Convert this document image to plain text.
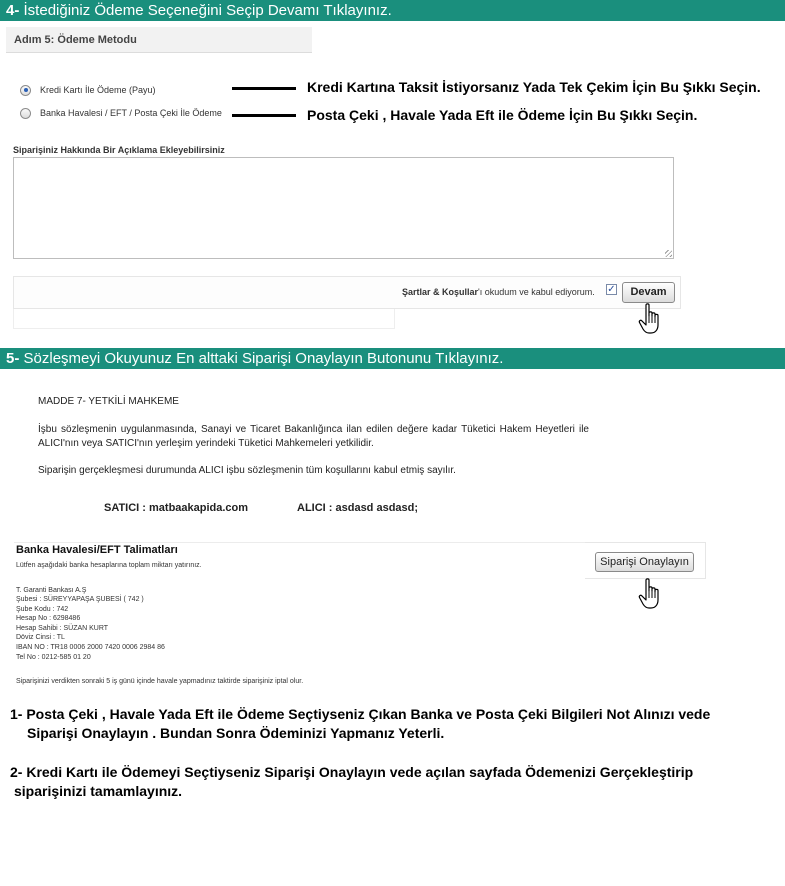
4- İstediğiniz Ödeme Seçeneğini Seçip Devamı Tıklayınız.
Adım 5: Ödeme Metodu
Kredi Kartı İle Ödeme (Payu)
Banka Havalesi / EFT / Posta Çeki İle Ödeme
Kredi Kartına Taksit İstiyorsanız Yada Tek Çekim İçin Bu Şıkkı Seçin.
Posta Çeki , Havale Yada Eft ile Ödeme İçin Bu Şıkkı Seçin.
Siparişiniz Hakkında Bir Açıklama Ekleyebilirsiniz
Şartlar & Koşullar'ı okudum ve kabul ediyorum. ✓	Devam
5- Sözleşmeyi Okuyunuz En alttaki Siparişi Onaylayın Butonunu Tıklayınız.
MADDE 7- YETKİLİ MAHKEME
İşbu sözleşmenin uygulanmasında, Sanayi ve Ticaret Bakanlığınca ilan edilen değere kadar Tüketici Hakem Heyetleri ile ALICI'nın veya SATICI'nın yerleşim yerindeki Tüketici Mahkemeleri yetkilidir.
Siparişin gerçekleşmesi durumunda ALICI işbu sözleşmenin tüm koşullarını kabul etmiş sayılır.
SATICI : matbaakapida.com	ALICI : asdasd asdasd;
Banka Havalesi/EFT Talimatları
Lütfen aşağıdaki banka hesaplarına toplam miktarı yatırınız.	Siparişi Onaylayın
T. Garanti Bankası A.Ş
Şubesi : SÜREYYAPAŞA ŞUBESİ ( 742 )
Şube Kodu : 742
Hesap No : 6298486
Hesap Sahibi : SÜZAN KURT
Döviz Cinsi : TL
IBAN NO : TR18 0006 2000 7420 0006 2984 86
Tel No : 0212-585 01 20
Siparişinizi verdikten sonraki 5 iş günü içinde havale yapmadınız taktirde siparişiniz iptal olur.
1- Posta Çeki , Havale Yada Eft ile Ödeme Seçtiyseniz Çıkan Banka ve Posta Çeki Bilgileri Not Alınızı vede
Siparişi Onaylayın . Bundan Sonra Ödeminizi Yapmanız Yeterli.
2- Kredi Kartı ile Ödemeyi Seçtiyseniz Siparişi Onaylayın vede açılan sayfada Ödemenizi Gerçekleştirip
siparişinizi tamamlayınız.
